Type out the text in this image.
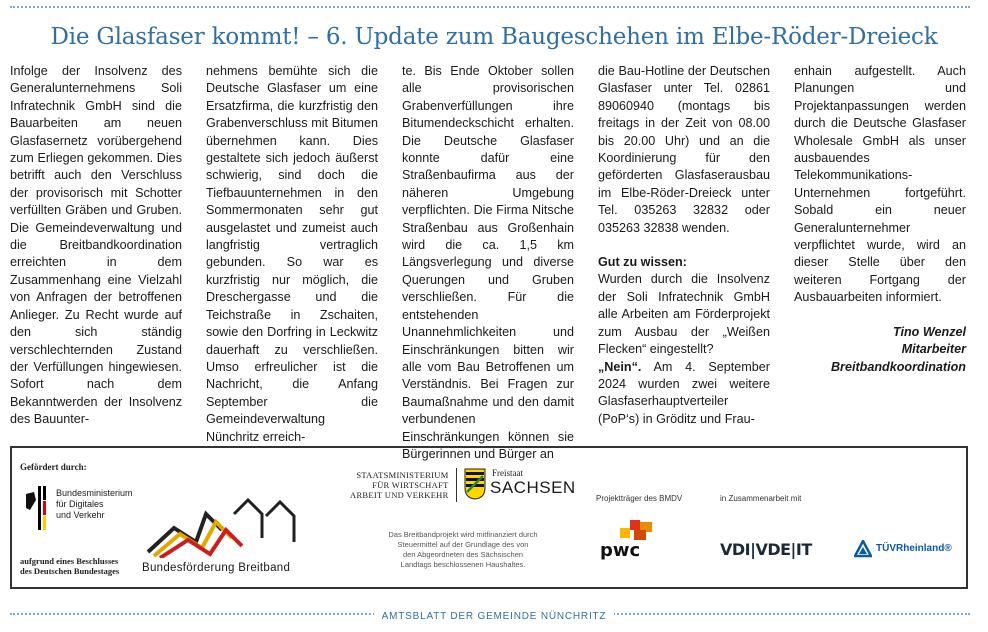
Die Glasfaser kommt! – 6. Update zum Baugeschehen im Elbe-Röder-Dreieck

Infolge der Insolvenz des Generalunternehmens Soli Infratechnik GmbH sind die Bauarbeiten am neuen Glasfasernetz vorübergehend zum Erliegen gekommen. Dies betrifft auch den Verschluss der provisorisch mit Schotter verfüllten Gräben und Gruben. Die Gemeindeverwaltung und die Breitbandkoordination erreichten in dem Zusammenhang eine Vielzahl von Anfragen der betroffenen Anlieger. Zu Recht wurde auf den sich ständig verschlechternden Zustand der Verfüllungen hingewiesen. Sofort nach dem Bekanntwerden der Insolvenz des Bauunter-

nehmens bemühte sich die Deutsche Glasfaser um eine Ersatzfirma, die kurzfristig den Grabenverschluss mit Bitumen übernehmen kann. Dies gestaltete sich jedoch äußerst schwierig, sind doch die Tiefbauunternehmen in den Sommermonaten sehr gut ausgelastet und zumeist auch langfristig vertraglich gebunden. So war es kurzfristig nur möglich, die Dreschergasse und die Teichstraße in Zschaiten, sowie den Dorfring in Leckwitz dauerhaft zu verschließen. Umso erfreulicher ist die Nachricht, die Anfang September die Gemeindeverwaltung Nünchritz erreich-

te. Bis Ende Oktober sollen alle provisorischen Grabenverfüllungen ihre Bitumendeckschicht erhalten. Die Deutsche Glasfaser konnte dafür eine Straßenbaufirma aus der näheren Umgebung verpflichten. Die Firma Nitsche Straßenbau aus Großenhain wird die ca. 1,5 km Längsverlegung und diverse Querungen und Gruben verschließen. Für die entstehenden Unannehmlichkeiten und Einschränkungen bitten wir alle vom Bau Betroffenen um Verständnis. Bei Fragen zur Baumaßnahme und den damit verbundenen Einschränkungen können sie Bürgerinnen und Bürger an

die Bau-Hotline der Deutschen Glasfaser unter Tel. 02861 89060940 (montags bis freitags in der Zeit von 08.00 bis 20.00 Uhr) und an die Koordinierung für den geförderten Glasfaserausbau im Elbe-Röder-Dreieck unter Tel. 035263 32832 oder 035263 32838 wenden.

Gut zu wissen:
Wurden durch die Insolvenz der Soli Infratechnik GmbH alle Arbeiten am Förderprojekt zum Ausbau der „Weißen Flecken“ eingestellt?
„Nein“. Am 4. September 2024 wurden zwei weitere Glasfaserhauptverteiler (PoP‘s) in Gröditz und Frau-

enhain aufgestellt. Auch Planungen und Projektanpassungen werden durch die Deutsche Glasfaser Wholesale GmbH als unser ausbauendes Telekommunikations-Unternehmen fortgeführt. Sobald ein neuer Generalunternehmer verpflichtet wurde, wird an dieser Stelle über den weiteren Fortgang der Ausbauarbeiten informiert.

Tino Wenzel
Mitarbeiter
Breitbandkoordination
Gefördert durch:
Bundesministerium
für Digitales
und Verkehr
aufgrund eines Beschlusses
des Deutschen Bundestages Bundesförderung Breitband
STAATSMINISTERIUM
FÜR WIRTSCHAFT
ARBEIT UND VERKEHR
Freistaat
SACHSEN
Das Breitbandprojekt wird mitfinanziert durch
Steuermittel auf der Grundlage des von
den Abgeordneten des Sächsischen
Landtags beschlossenen Haushaltes.
Projektträger des BMDV	in Zusammenarbeit mit
pwc	VDI|VDE|IT	TÜVRheinland®
AMTSBLATT DER GEMEINDE NÜNCHRITZ
